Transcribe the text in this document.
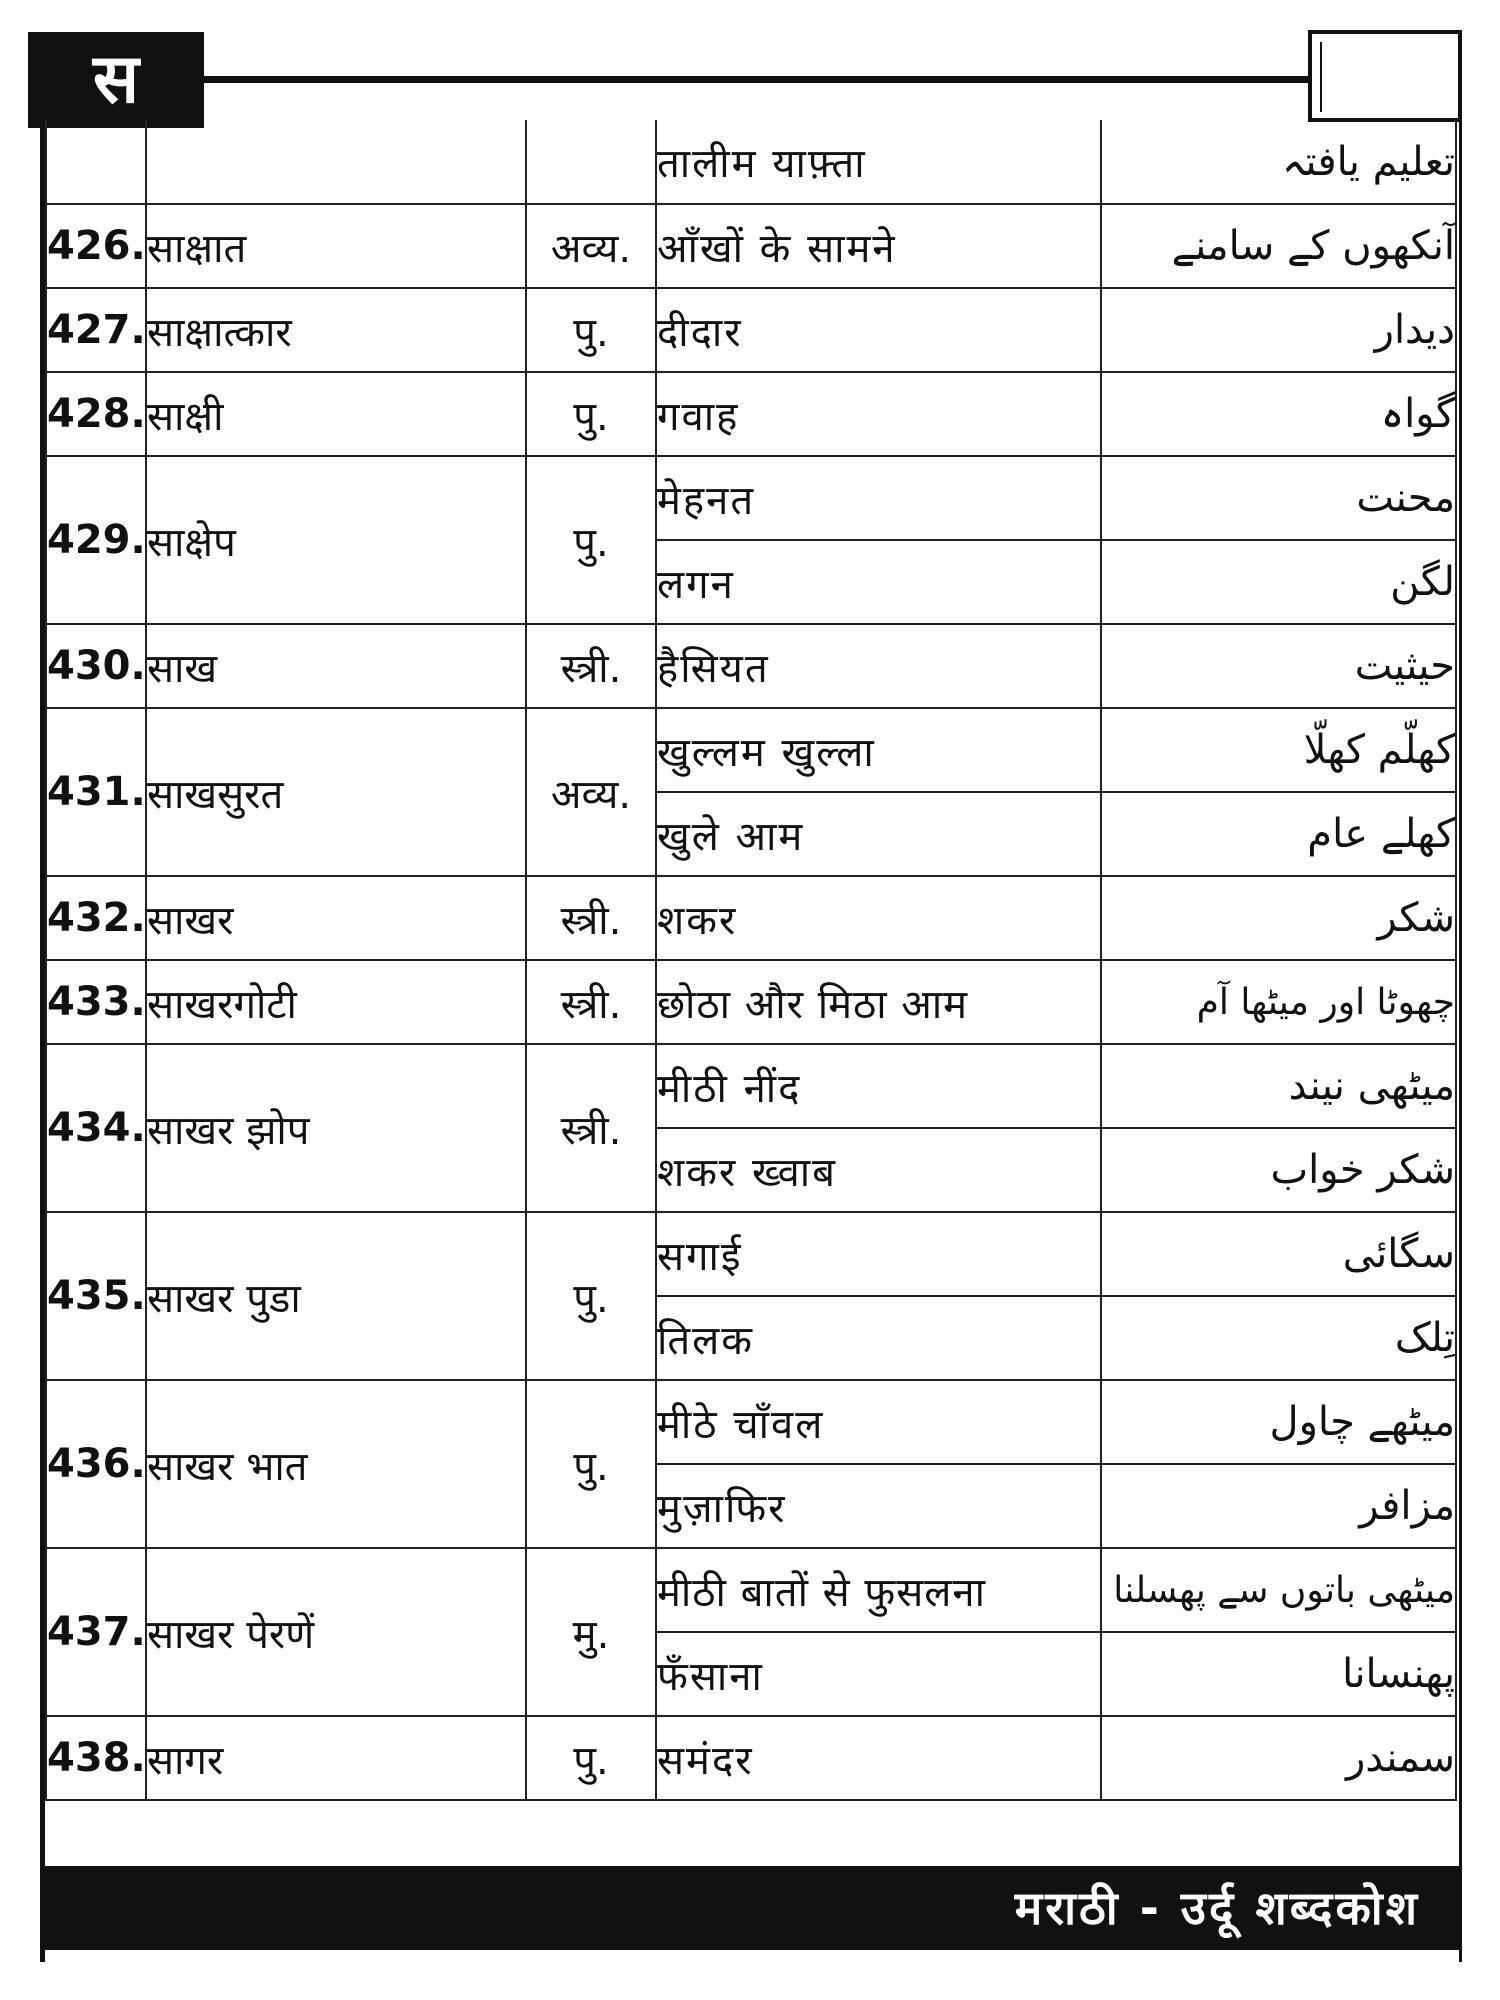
स
			तालीम याफ़्ता	تعلیم یافتہ
426.	साक्षात	अव्य.	आँखों के सामने	آنکھوں کے سامنے
427.	साक्षात्कार	पु.	दीदार	دیدار
428.	साक्षी	पु.	गवाह	گواہ
429.	साक्षेप	पु.	मेहनत	محنت
			लगन	لگن
430.	साख	स्त्री.	हैसियत	حیثیت
431.	साखसुरत	अव्य.	खुल्लम खुल्ला	کھلّم کھلّا
			खुले आम	کھلے عام
432.	साखर	स्त्री.	शकर	شکر
433.	साखरगोटी	स्त्री.	छोठा और मिठा आम	چھوٹا اور میٹھا آم
434.	साखर झोप	स्त्री.	मीठी नींद	میٹھی نیند
			शकर ख्वाब	شکر خواب
435.	साखर पुडा	पु.	सगाई	سگائی
			तिलक	تِلک
436.	साखर भात	पु.	मीठे चाँवल	میٹھے چاول
			मुज़ाफिर	مزافر
437.	साखर पेरणें	मु.	मीठी बातों से फुसलना	میٹھی باتوں سے پھسلنا
			फँसाना	پھنسانا
438.	सागर	पु.	समंदर	سمندر
मराठी - उर्दू शब्दकोश
